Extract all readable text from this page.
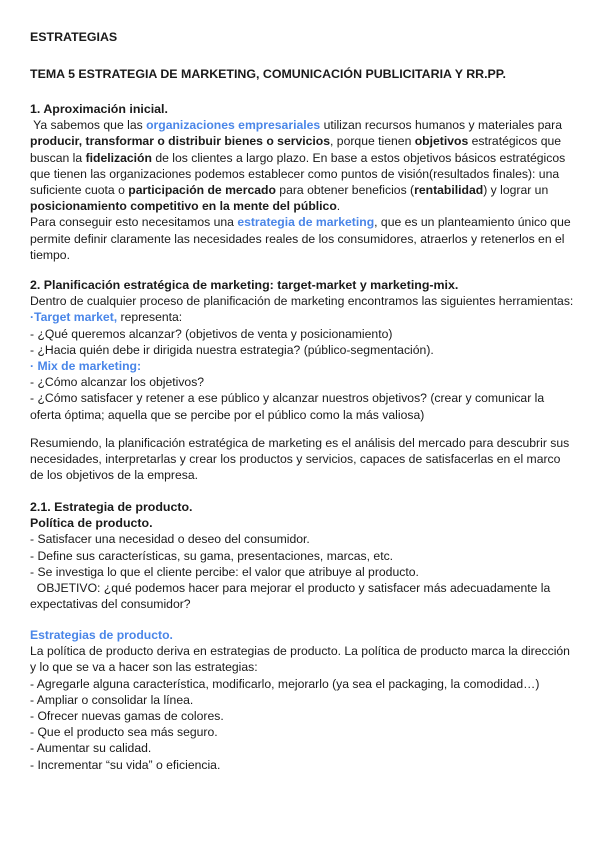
ESTRATEGIAS
TEMA 5 ESTRATEGIA DE MARKETING, COMUNICACIÓN PUBLICITARIA Y RR.PP.
1. Aproximación inicial.
Ya sabemos que las organizaciones empresariales utilizan recursos humanos y materiales para
producir, transformar o distribuir bienes o servicios, porque tienen objetivos estratégicos que
buscan la fidelización de los clientes a largo plazo. En base a estos objetivos básicos estratégicos
que tienen las organizaciones podemos establecer como puntos de visión(resultados finales): una
suficiente cuota o participación de mercado para obtener beneficios (rentabilidad) y lograr un
posicionamiento competitivo en la mente del público.
Para conseguir esto necesitamos una estrategia de marketing, que es un planteamiento único que
permite definir claramente las necesidades reales de los consumidores, atraerlos y retenerlos en el
tiempo.
2. Planificación estratégica de marketing: target-market y marketing-mix.
Dentro de cualquier proceso de planificación de marketing encontramos las siguientes herramientas:
·Target market, representa:
- ¿Qué queremos alcanzar? (objetivos de venta y posicionamiento)
- ¿Hacia quién debe ir dirigida nuestra estrategia? (público-segmentación).
· Mix de marketing:
- ¿Cómo alcanzar los objetivos?
- ¿Cómo satisfacer y retener a ese público y alcanzar nuestros objetivos? (crear y comunicar la
oferta óptima; aquella que se percibe por el público como la más valiosa)
Resumiendo, la planificación estratégica de marketing es el análisis del mercado para descubrir sus
necesidades, interpretarlas y crear los productos y servicios, capaces de satisfacerlas en el marco
de los objetivos de la empresa.
2.1. Estrategia de producto.
Política de producto.
- Satisfacer una necesidad o deseo del consumidor.
- Define sus características, su gama, presentaciones, marcas, etc.
- Se investiga lo que el cliente percibe: el valor que atribuye al producto.
OBJETIVO: ¿qué podemos hacer para mejorar el producto y satisfacer más adecuadamente la
expectativas del consumidor?
Estrategias de producto.
La política de producto deriva en estrategias de producto. La política de producto marca la dirección
y lo que se va a hacer son las estrategias:
- Agregarle alguna característica, modificarlo, mejorarlo (ya sea el packaging, la comodidad…)
- Ampliar o consolidar la línea.
- Ofrecer nuevas gamas de colores.
- Que el producto sea más seguro.
- Aumentar su calidad.
- Incrementar “su vida” o eficiencia.
